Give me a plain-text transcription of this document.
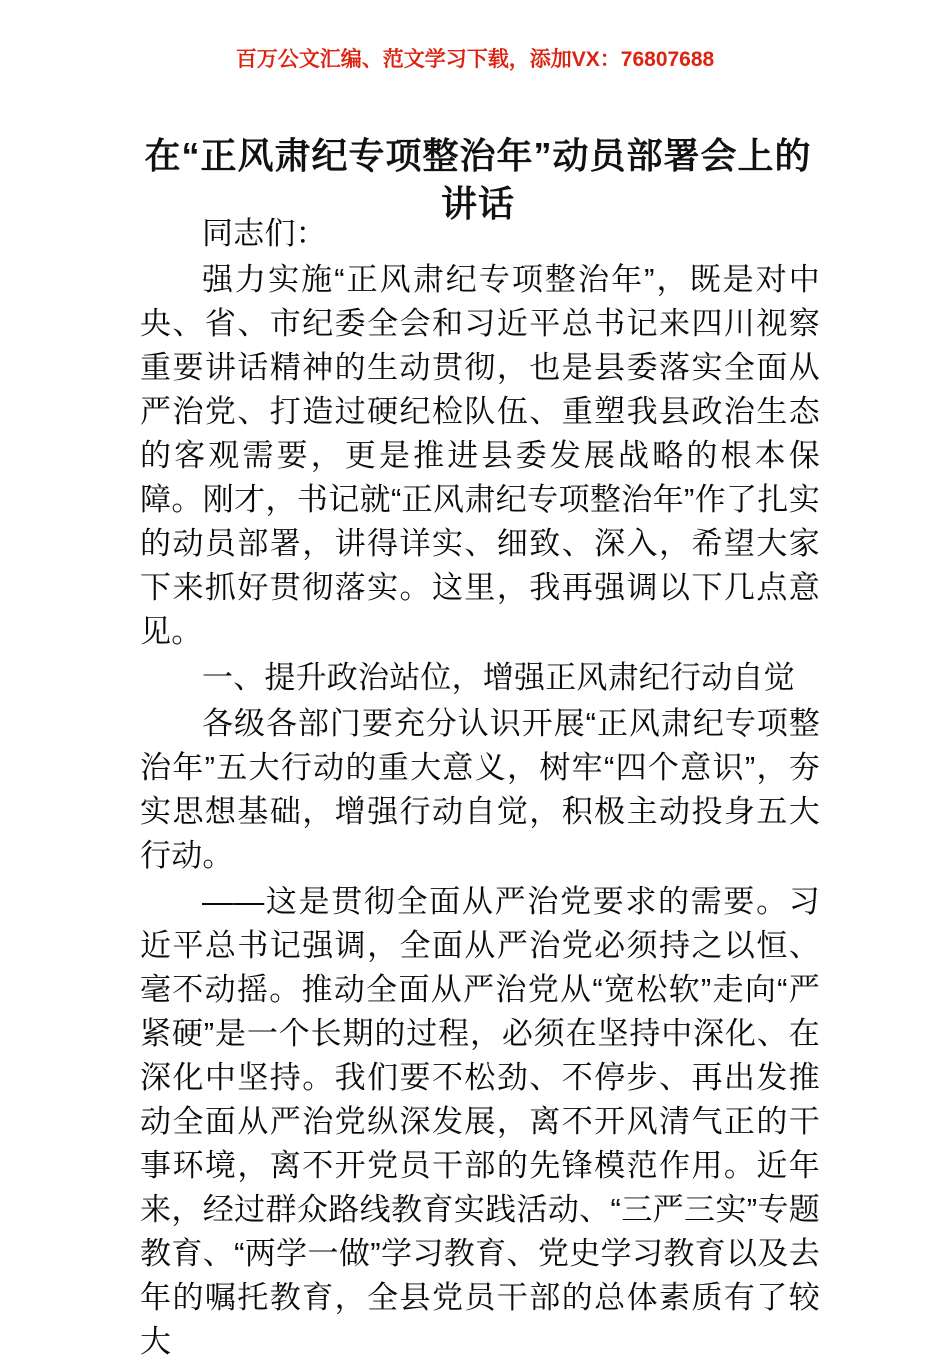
百万公文汇编、范文学习下载，添加VX：76807688
在“正风肃纪专项整治年”动员部署会上的讲话

同志们：

强力实施“正风肃纪专项整治年”，既是对中央、省、市纪委全会和习近平总书记来四川视察重要讲话精神的生动贯彻，也是县委落实全面从严治党、打造过硬纪检队伍、重塑我县政治生态的客观需要，更是推进县委发展战略的根本保障。刚才，书记就“正风肃纪专项整治年”作了扎实的动员部署，讲得详实、细致、深入，希望大家下来抓好贯彻落实。这里，我再强调以下几点意见。

一、提升政治站位，增强正风肃纪行动自觉

各级各部门要充分认识开展“正风肃纪专项整治年”五大行动的重大意义，树牢“四个意识”，夯实思想基础，增强行动自觉，积极主动投身五大行动。

——这是贯彻全面从严治党要求的需要。习近平总书记强调，全面从严治党必须持之以恒、毫不动摇。推动全面从严治党从“宽松软”走向“严紧硬”是一个长期的过程，必须在坚持中深化、在深化中坚持。我们要不松劲、不停步、再出发推动全面从严治党纵深发展，离不开风清气正的干事环境，离不开党员干部的先锋模范作用。近年来，经过群众路线教育实践活动、“三严三实”专题教育、“两学一做”学习教育、党史学习教育以及去年的嘱托教育，全县党员干部的总体素质有了较大
